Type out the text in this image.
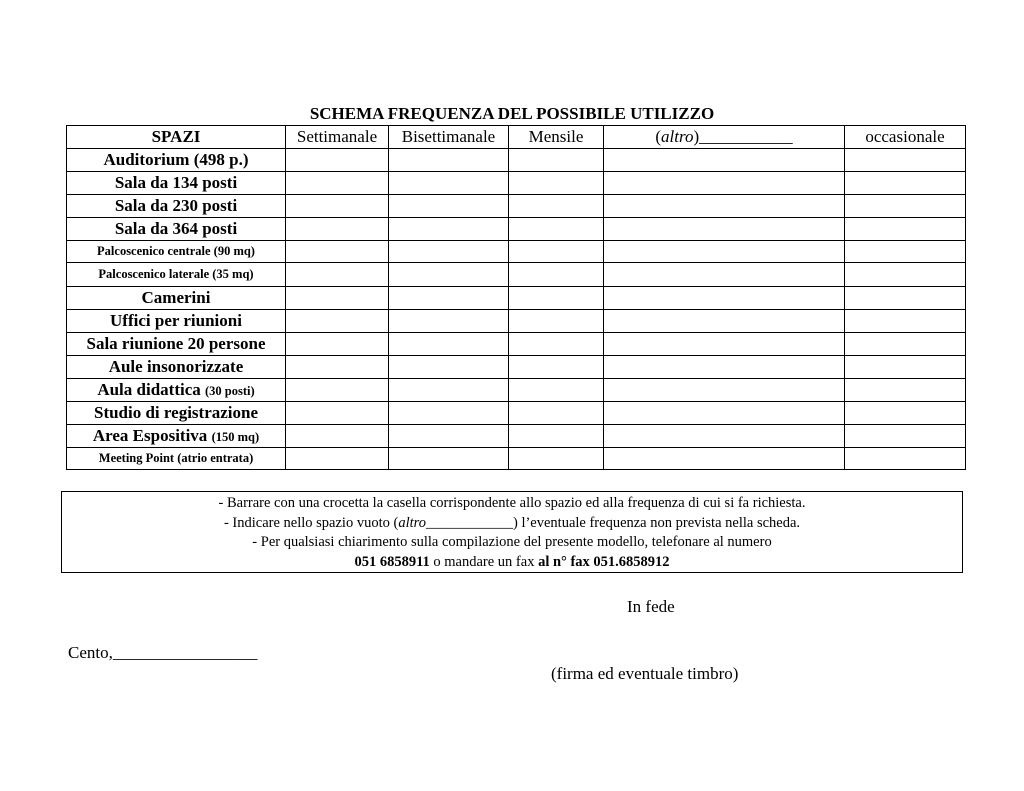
SCHEMA FREQUENZA DEL POSSIBILE UTILIZZO
SPAZI	Settimanale	Bisettimanale	Mensile	(altro)___________	occasionale
Auditorium (498 p.)					
Sala da 134 posti					
Sala da 230 posti					
Sala da 364 posti					
Palcoscenico centrale (90 mq)					
Palcoscenico laterale (35 mq)					
Camerini					
Uffici per riunioni					
Sala riunione 20 persone					
Aule insonorizzate					
Aula didattica (30 posti)					
Studio di registrazione					
Area Espositiva (150 mq)					
Meeting Point (atrio entrata)					
- Barrare con una crocetta la casella corrispondente allo spazio ed alla frequenza di cui si fa richiesta.
- Indicare nello spazio vuoto (altro____________) l’eventuale frequenza non prevista nella scheda.
- Per qualsiasi chiarimento sulla compilazione del presente modello, telefonare al numero
051 6858911 o mandare un fax al n° fax 051.6858912
In fede
Cento,_________________
(firma ed eventuale timbro)
